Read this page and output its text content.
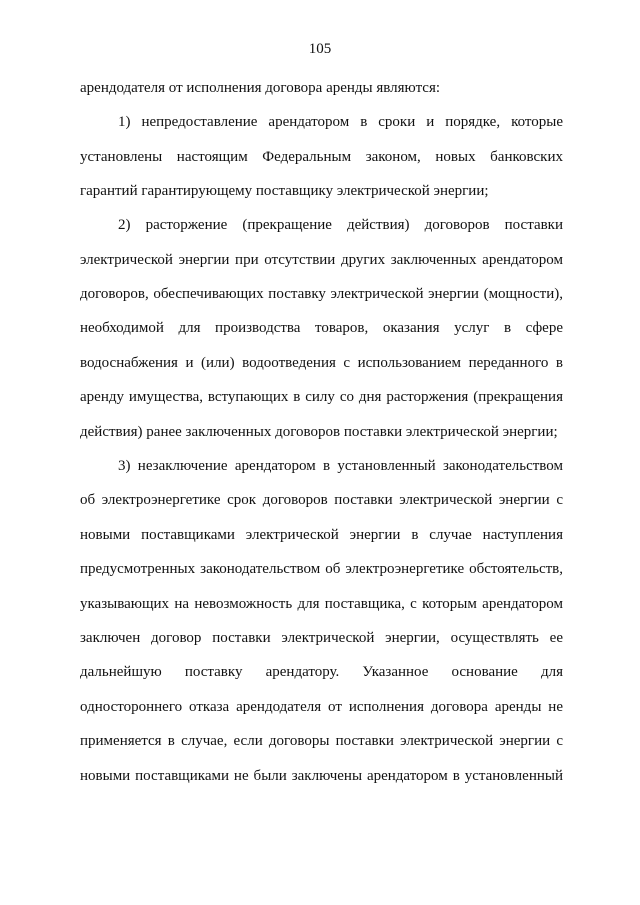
105
арендодателя от исполнения договора аренды являются:
1) непредоставление арендатором в сроки и порядке, которые
установлены настоящим Федеральным законом, новых банковских
гарантий гарантирующему поставщику электрической энергии;
2) расторжение (прекращение действия) договоров поставки
электрической энергии при отсутствии других заключенных арендатором
договоров, обеспечивающих поставку электрической энергии (мощности),
необходимой для производства товаров, оказания услуг в сфере
водоснабжения и (или) водоотведения с использованием переданного в
аренду имущества, вступающих в силу со дня расторжения (прекращения
действия) ранее заключенных договоров поставки электрической энергии;
3) незаключение арендатором в установленный законодательством
об электроэнергетике срок договоров поставки электрической энергии с
новыми поставщиками электрической энергии в случае наступления
предусмотренных законодательством об электроэнергетике обстоятельств,
указывающих на невозможность для поставщика, с которым арендатором
заключен договор поставки электрической энергии, осуществлять ее
дальнейшую поставку арендатору. Указанное основание для
одностороннего отказа арендодателя от исполнения договора аренды не
применяется в случае, если договоры поставки электрической энергии с
новыми поставщиками не были заключены арендатором в установленный
